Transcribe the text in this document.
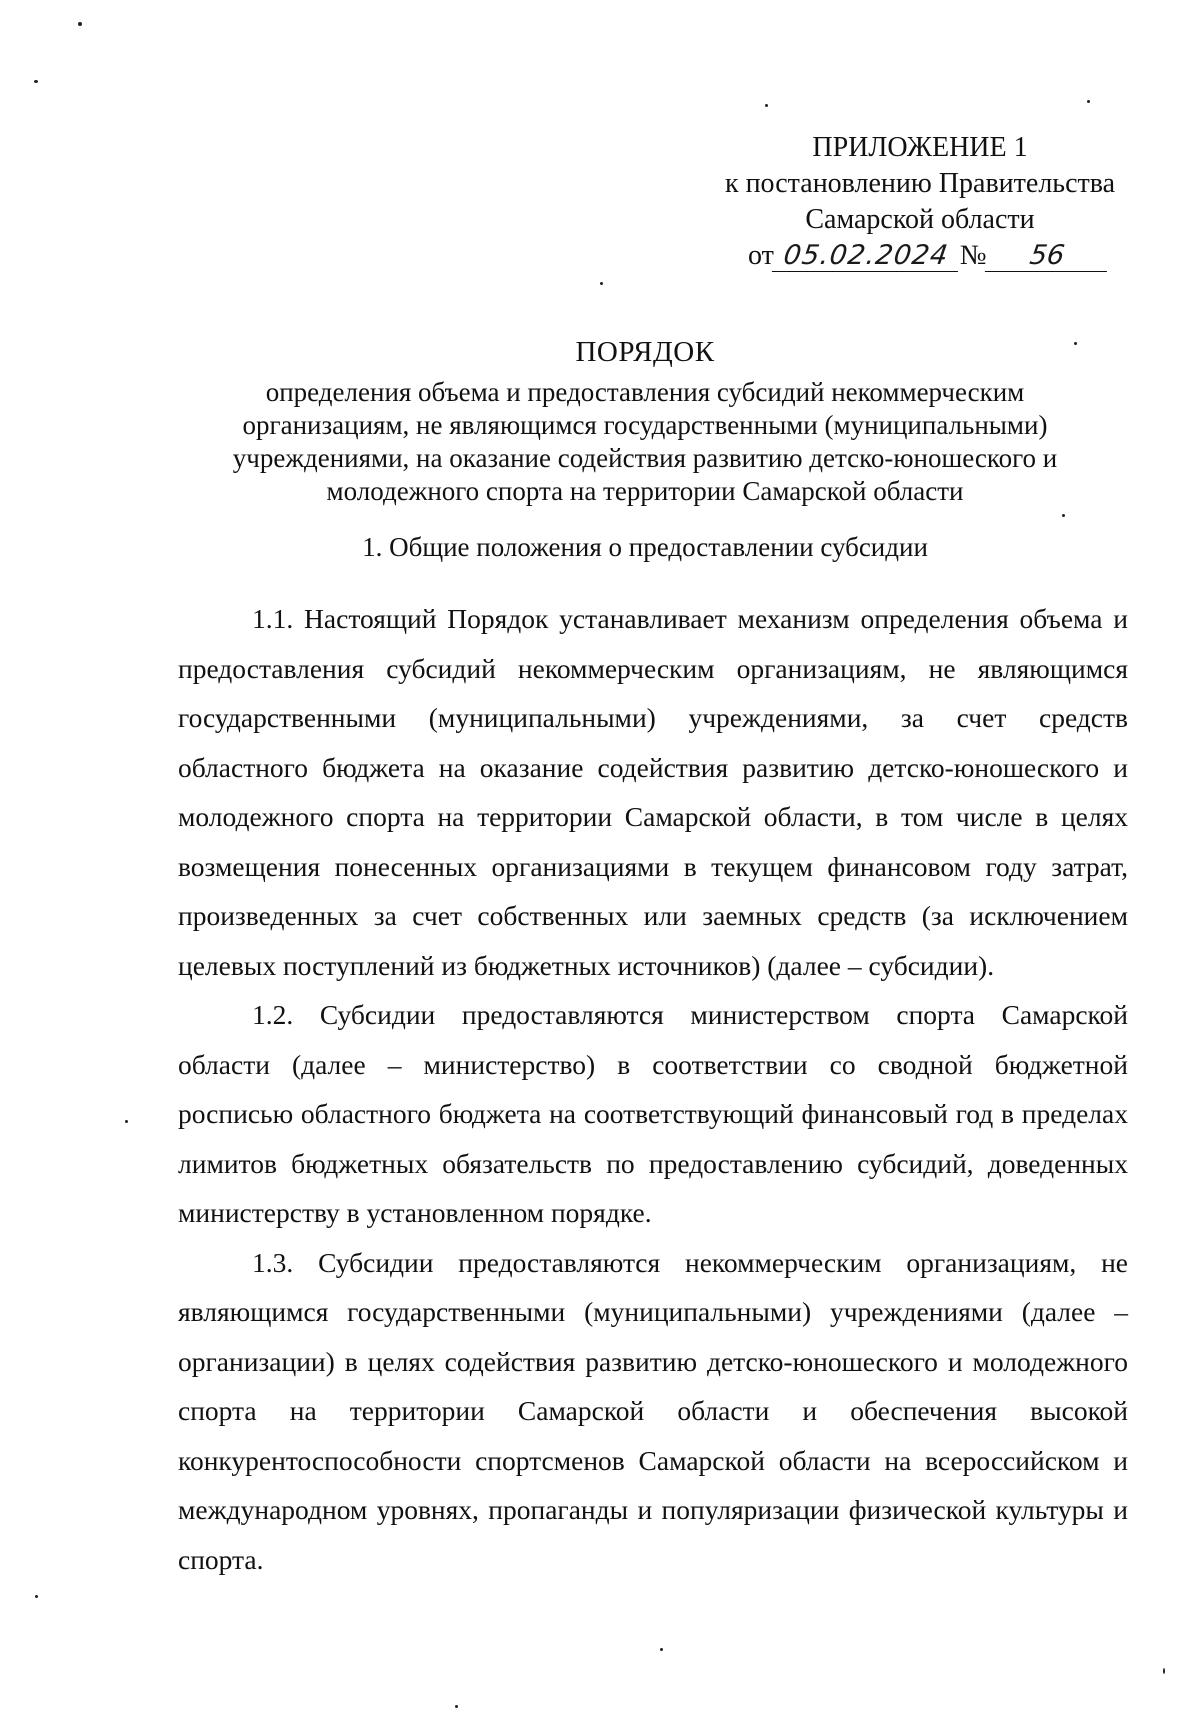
ПРИЛОЖЕНИЕ 1
к постановлению Правительства
Самарской области
от 05.02.2024 № 56
ПОРЯДОК
определения объема и предоставления субсидий некоммерческим
организациям, не являющимся государственными (муниципальными)
учреждениями, на оказание содействия развитию детско-юношеского и
молодежного спорта на территории Самарской области
1. Общие положения о предоставлении субсидии

1.1. Настоящий Порядок устанавливает механизм определения объема и предоставления субсидий некоммерческим организациям, не являющимся государственными (муниципальными) учреждениями, за счет средств областного бюджета на оказание содействия развитию детско-юношеского и молодежного спорта на территории Самарской области, в том числе в целях возмещения понесенных организациями в текущем финансовом году затрат, произведенных за счет собственных или заемных средств (за исключением целевых поступлений из бюджетных источников) (далее – субсидии).

1.2. Субсидии предоставляются министерством спорта Самарской области (далее – министерство) в соответствии со сводной бюджетной росписью областного бюджета на соответствующий финансовый год в пределах лимитов бюджетных обязательств по предоставлению субсидий, доведенных министерству в установленном порядке.

1.3. Субсидии предоставляются некоммерческим организациям, не являющимся государственными (муниципальными) учреждениями (далее – организации) в целях содействия развитию детско-юношеского и молодежного спорта на территории Самарской области и обеспечения высокой конкурентоспособности спортсменов Самарской области на всероссийском и международном уровнях, пропаганды и популяризации физической культуры и спорта.
